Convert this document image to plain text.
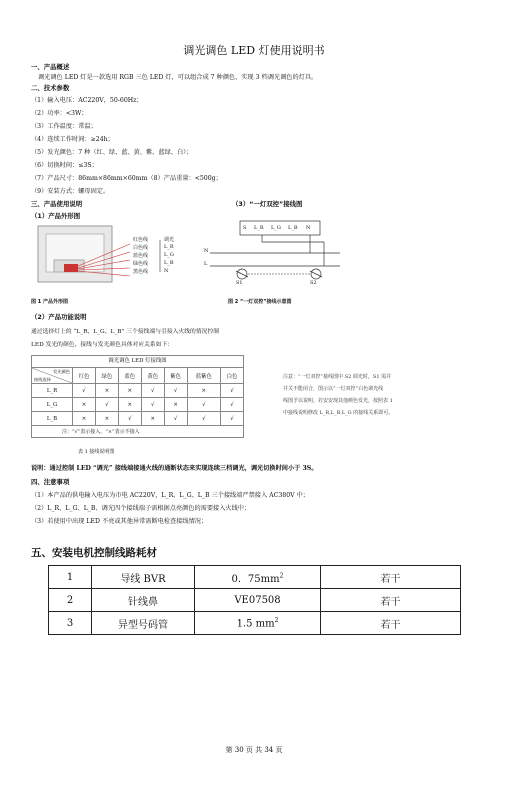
调光调色 LED 灯使用说明书
一、产品概述
调光调色 LED 灯是一款选用 RGB 三色 LED 灯，可以组合成 7 种颜色，实现 3 档调光调色的灯具。
二、技术参数
（1）输入电压：AC220V，50-60Hz；
（2）功率：<3W；
（3）工作温度：常温；
（4）连续工作时间：≥24h；
（5）发光颜色：7 种（红、绿、蓝、黄、紫、蓝绿、白）；
（6）切换时间：≤3S；
（7）产品尺寸：86mm×86mm×60mm（8）产品重量：<500g；
（9）安装方式：螺母固定。
三、产品使用说明	（3）“一灯双控”接线图
（1）产品外形图
红色线
白色线
蓝色线
绿色线
黑色线
调光
L_R
L_G
L_B
N
S L_R L_G L_B N
N
L
S1	S2
图 1 产品外形图	图 2 “一灯双控”接线示意图
（2）产品功能说明
通过选择灯上的 “L_R、L_G、L_B” 三个接线端与引接入火线的情况控制
LED 发光的颜色，接线与发光颜色具体对应关系如下：
调光调色 LED 灯接线图
发光颜色
接线选择	红色	绿色	蓝色	黄色	紫色	蓝紫色	白色
L_R	√	×	×	√	√	×	√
L_G	×	√	×	√	×	√	√
L_B	×	×	√	×	√	√	√
注：“√”表示接入，“×”表示不接入							
表 1 接线说明图
注意：“一灯双控”接线图中 S2 调光时，S1 需并
并关不能闭合，图示以“一灯双控”白色调光线
线图予以说明，若安安现其他颜色发光，按照表 1
中接线说明修改 L_R,L_B,L_G 的接线关系即可。
说明：通过控制 LED “调光” 接线端接通火线的通断状态来实现连续三档调光，调光切换时间小于 3S。
四、注意事项
（1）本产品的供电输入电压为市电 AC220V，L_R、L_G、L_B 三个接线端严禁接入 AC380V 中；
（2）L_R、L_G、L_B、调光四个接线端子需根据点亮颜色的需要接入火线中；
（3）若使用中出现 LED 不亮或其他异常需断电检查接线情况；
五、安装电机控制线路耗材
1	导线 BVR	0．$75mm^2$	若干
2	针线鼻	VE07508	若干
3	异型号码管	1.5 $mm^2$	若干
第 30 页 共 34 页
